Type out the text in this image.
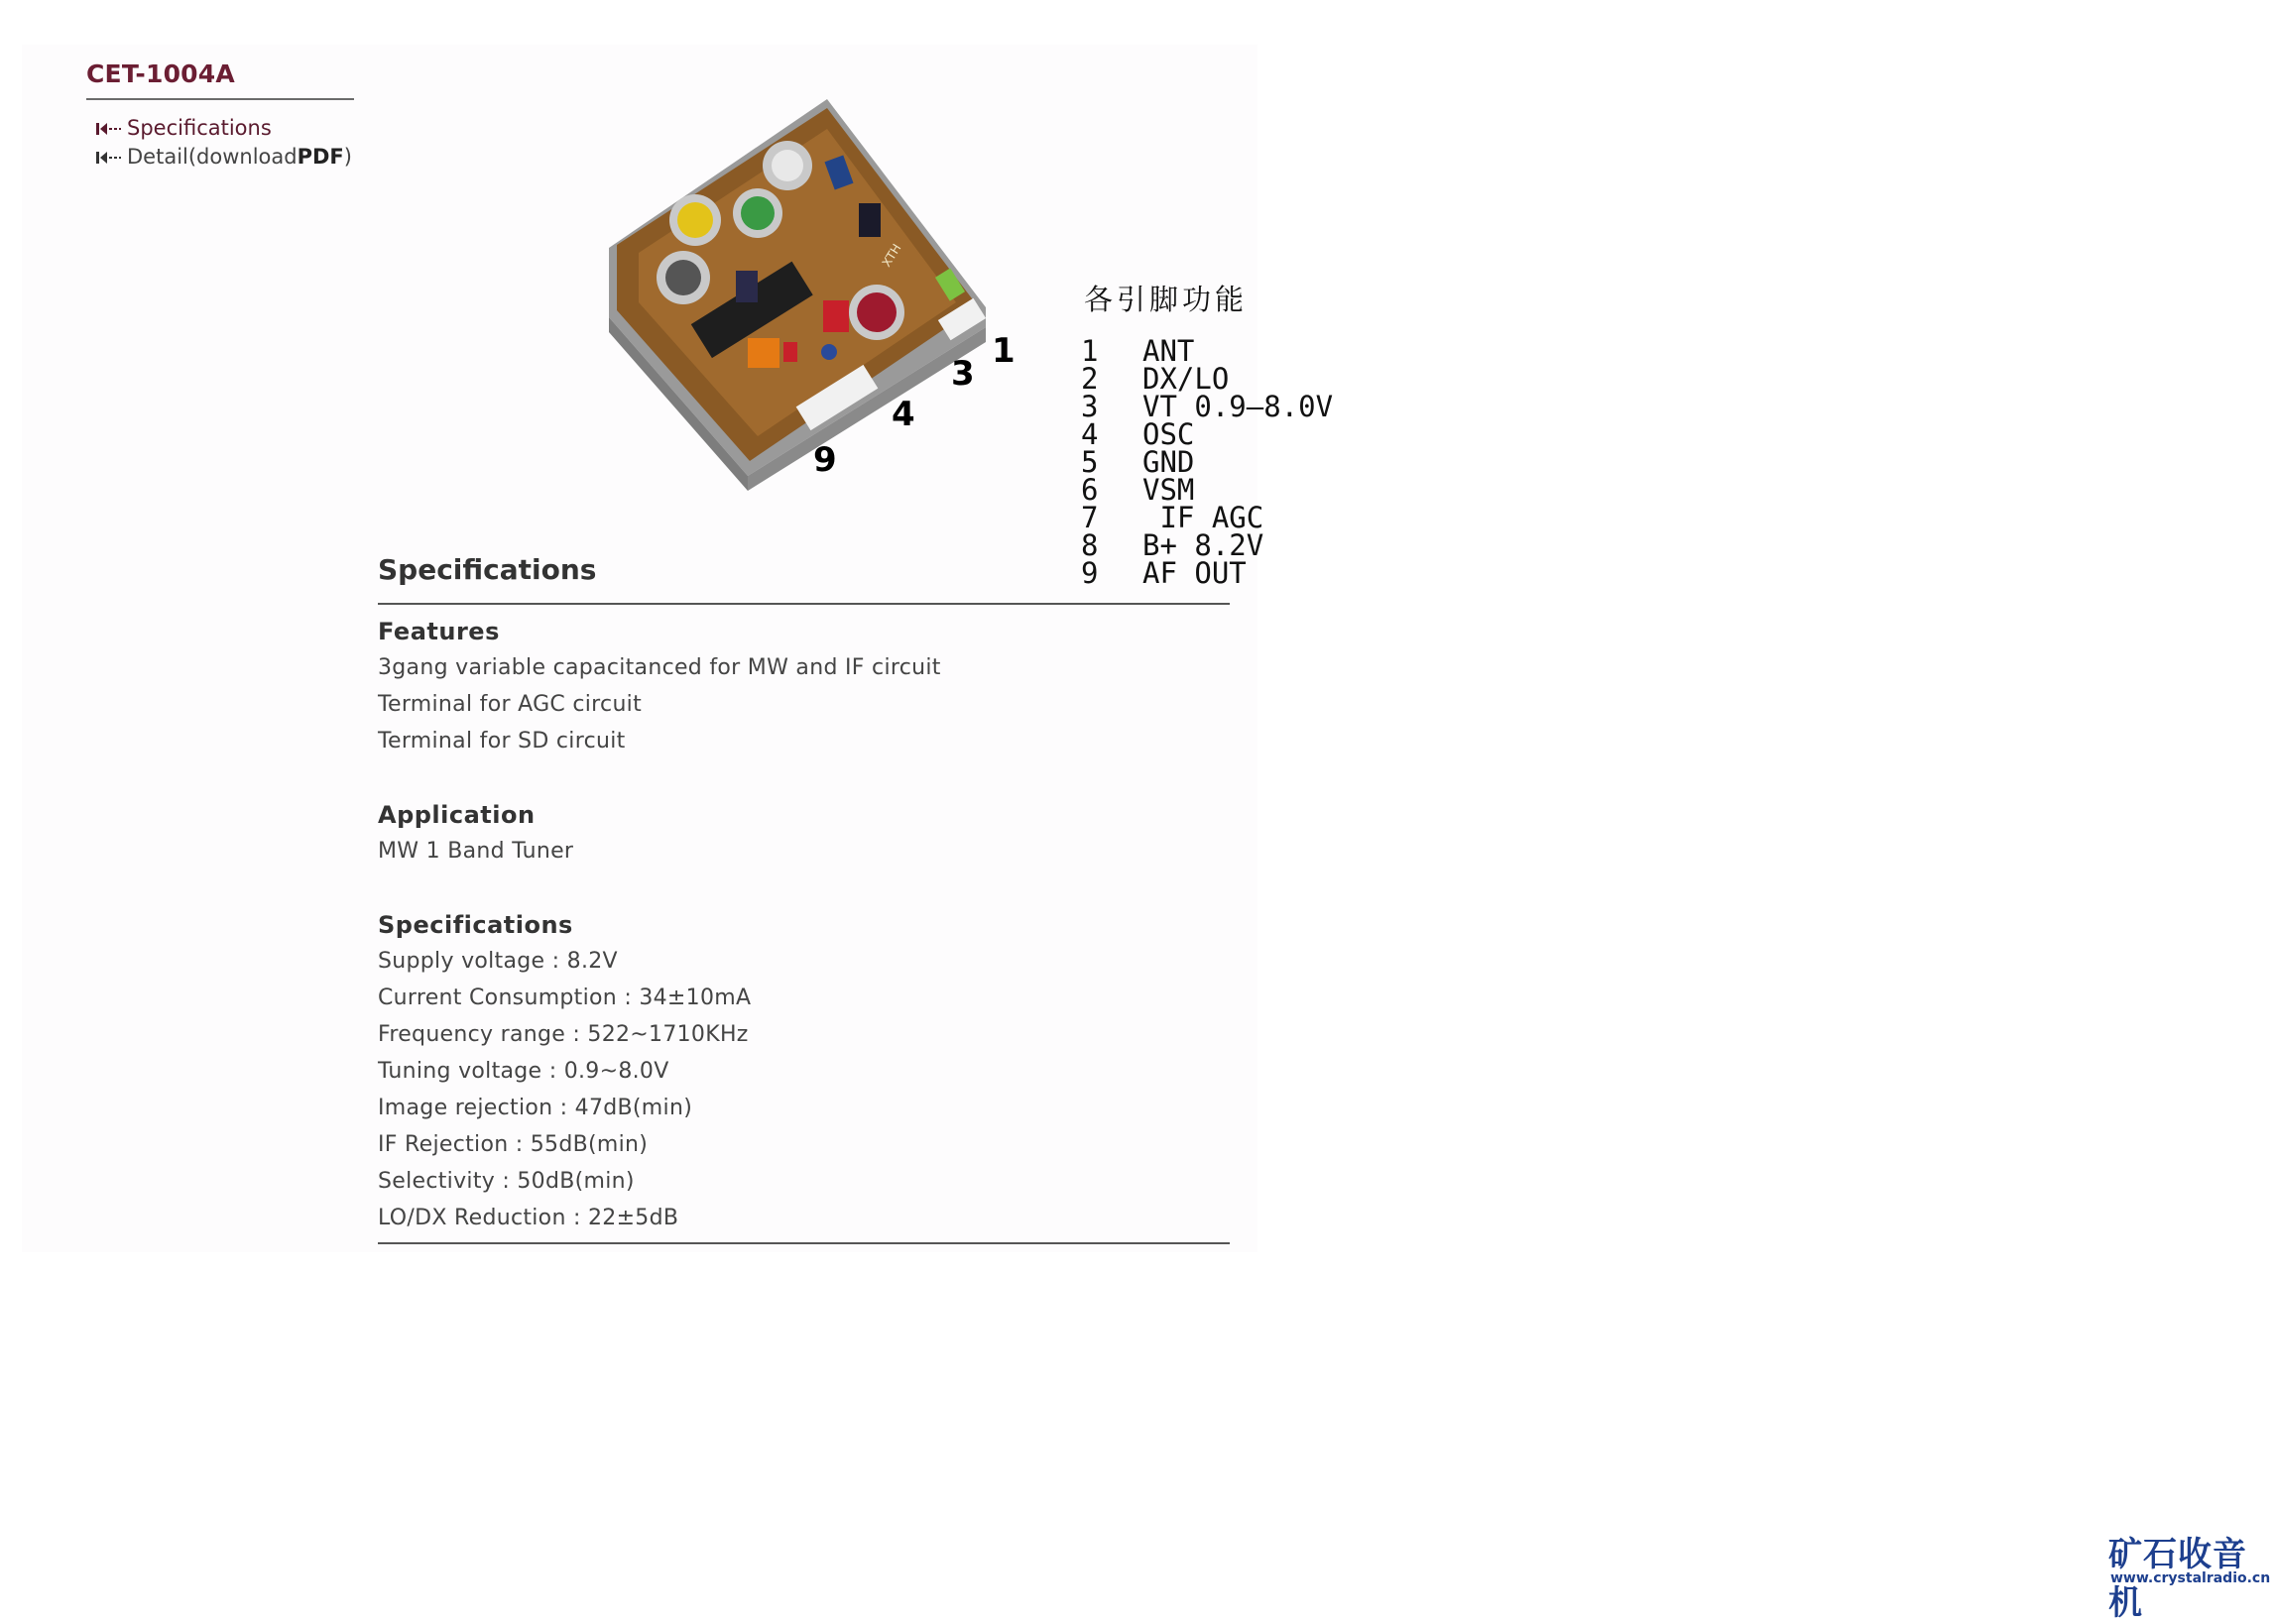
CET-1004A
Specifications
Detail(download PDF )
XTH
1
3
4
9
各引脚功能
1 ANT
2 DX/LO
3 VT 0.9—8.0V
4 OSC
5 GND
6 VSM
7 IF AGC
8 B+ 8.2V
9 AF OUT
Specifications
Features
3gang variable capacitanced for MW and IF circuit
Terminal for AGC circuit
Terminal for SD circuit
Application
MW 1 Band Tuner
Specifications
Supply voltage : 8.2V
Current Consumption : 34±10mA
Frequency range : 522~1710KHz
Tuning voltage : 0.9~8.0V
Image rejection : 47dB(min)
IF Rejection : 55dB(min)
Selectivity : 50dB(min)
LO/DX Reduction : 22±5dB
矿石收音机
www.crystalradio.cn
